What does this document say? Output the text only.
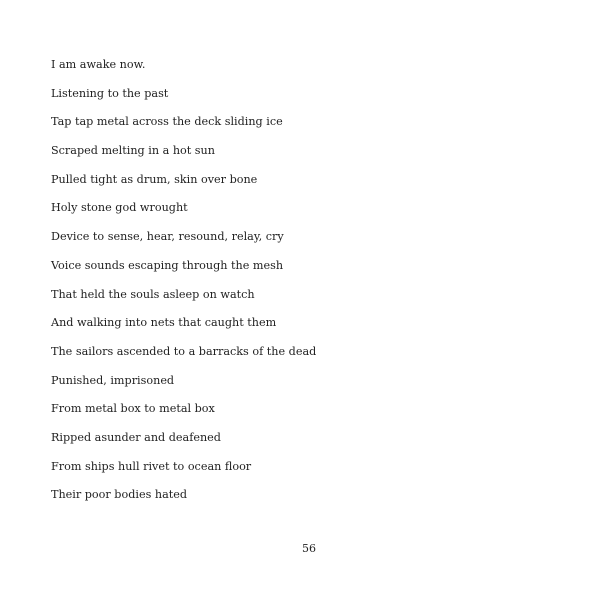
I am awake now.
Listening to the past
Tap tap metal across the deck sliding ice
Scraped melting in a hot sun
Pulled tight as drum, skin over bone
Holy stone god wrought
Device to sense, hear, resound, relay, cry
Voice sounds escaping through the mesh
That held the souls asleep on watch
And walking into nets that caught them
The sailors ascended to a barracks of the dead
Punished, imprisoned
From metal box to metal box
Ripped asunder and deafened
From ships hull rivet to ocean floor
Their poor bodies hated
56
